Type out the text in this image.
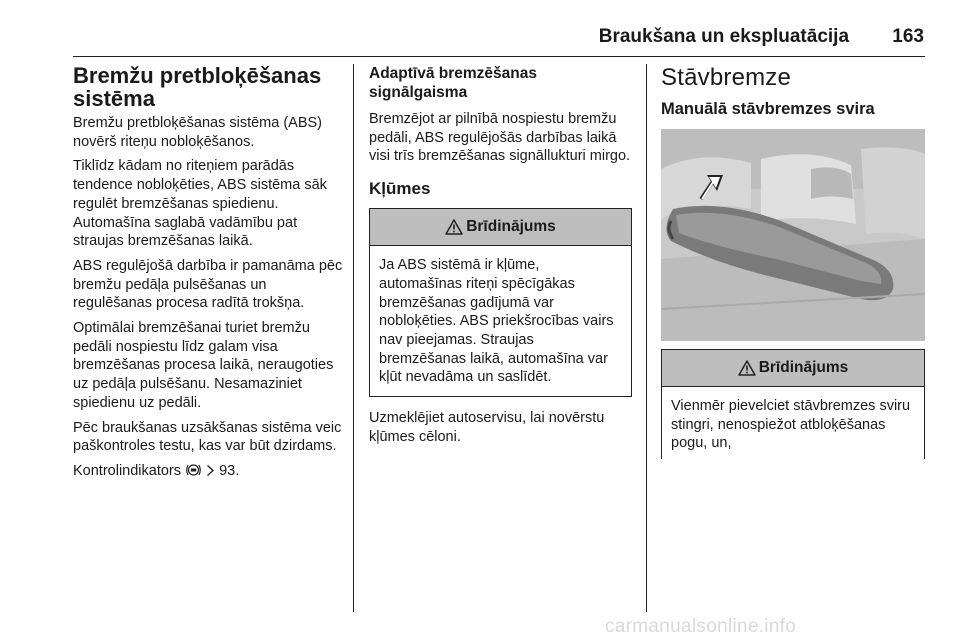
Braukšana un ekspluatācija 163
Bremžu pretbloķēšanas sistēma

Bremžu pretbloķēšanas sistēma (ABS) novērš riteņu nobloķēšanos.

Tiklīdz kādam no riteņiem parādās tendence nobloķēties, ABS sistēma sāk regulēt bremzēšanas spiedienu. Automašīna saglabā vadāmību pat straujas bremzēšanas laikā.

ABS regulējošā darbība ir pamanāma pēc bremžu pedāļa pulsēšanas un regulēšanas procesa radītā trokšņa.

Optimālai bremzēšanai turiet bremžu pedāli nospiestu līdz galam visa bremzēšanas procesa laikā, neraugoties uz pedāļa pulsēšanu. Nesamaziniet spiedienu uz pedāli.

Pēc braukšanas uzsākšanas sistēma veic paškontroles testu, kas var būt dzirdams.

Kontrolindikators	93.

Adaptīvā bremzēšanas signālgaisma

Bremzējot ar pilnībā nospiestu bremžu pedāli, ABS regulējošās darbības laikā visi trīs bremzēšanas signāllukturi mirgo.

Kļūmes
Brīdinājums
Ja ABS sistēmā ir kļūme, automašīnas riteņi spēcīgākas bremzēšanas gadījumā var nobloķēties. ABS priekšrocības vairs nav pieejamas. Straujas bremzēšanas laikā, automašīna var kļūt nevadāma un saslīdēt.

Uzmeklējiet autoservisu, lai novērstu kļūmes cēloni.

Stāvbremze
Manuālā stāvbremzes svira
Brīdinājums
Vienmēr pievelciet stāvbremzes sviru stingri, nenospiežot atbloķēšanas pogu, un,
carmanualsonline.info
